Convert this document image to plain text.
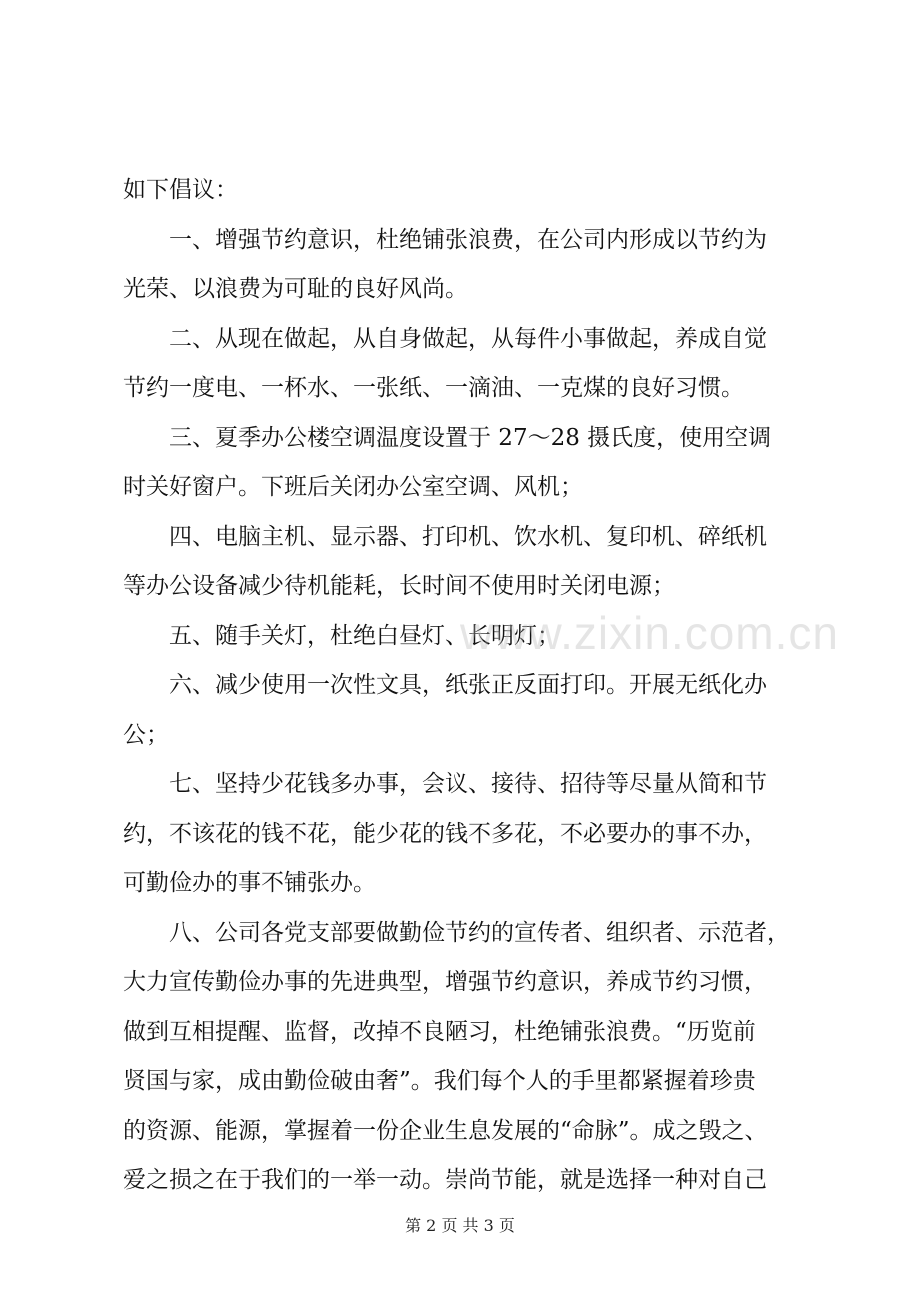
如下倡议：
一、增强节约意识，杜绝铺张浪费，在公司内形成以节约为
光荣、以浪费为可耻的良好风尚。
二、从现在做起，从自身做起，从每件小事做起，养成自觉
节约一度电、一杯水、一张纸、一滴油、一克煤的良好习惯。
三、夏季办公楼空调温度设置于 27～28 摄氏度，使用空调
时关好窗户。下班后关闭办公室空调、风机；
四、电脑主机、显示器、打印机、饮水机、复印机、碎纸机
等办公设备减少待机能耗，长时间不使用时关闭电源；
五、随手关灯，杜绝白昼灯、长明灯；
六、减少使用一次性文具，纸张正反面打印。开展无纸化办
公；
七、坚持少花钱多办事，会议、接待、招待等尽量从简和节
约，不该花的钱不花，能少花的钱不多花，不必要办的事不办，
可勤俭办的事不铺张办。
八、公司各党支部要做勤俭节约的宣传者、组织者、示范者，
大力宣传勤俭办事的先进典型，增强节约意识，养成节约习惯，
做到互相提醒、监督，改掉不良陋习，杜绝铺张浪费。“历览前
贤国与家，成由勤俭破由奢”。我们每个人的手里都紧握着珍贵
的资源、能源，掌握着一份企业生息发展的“命脉”。成之毁之、
爱之损之在于我们的一举一动。崇尚节能，就是选择一种对自己
www.zixin.com.cn
第 2 页 共 3 页
